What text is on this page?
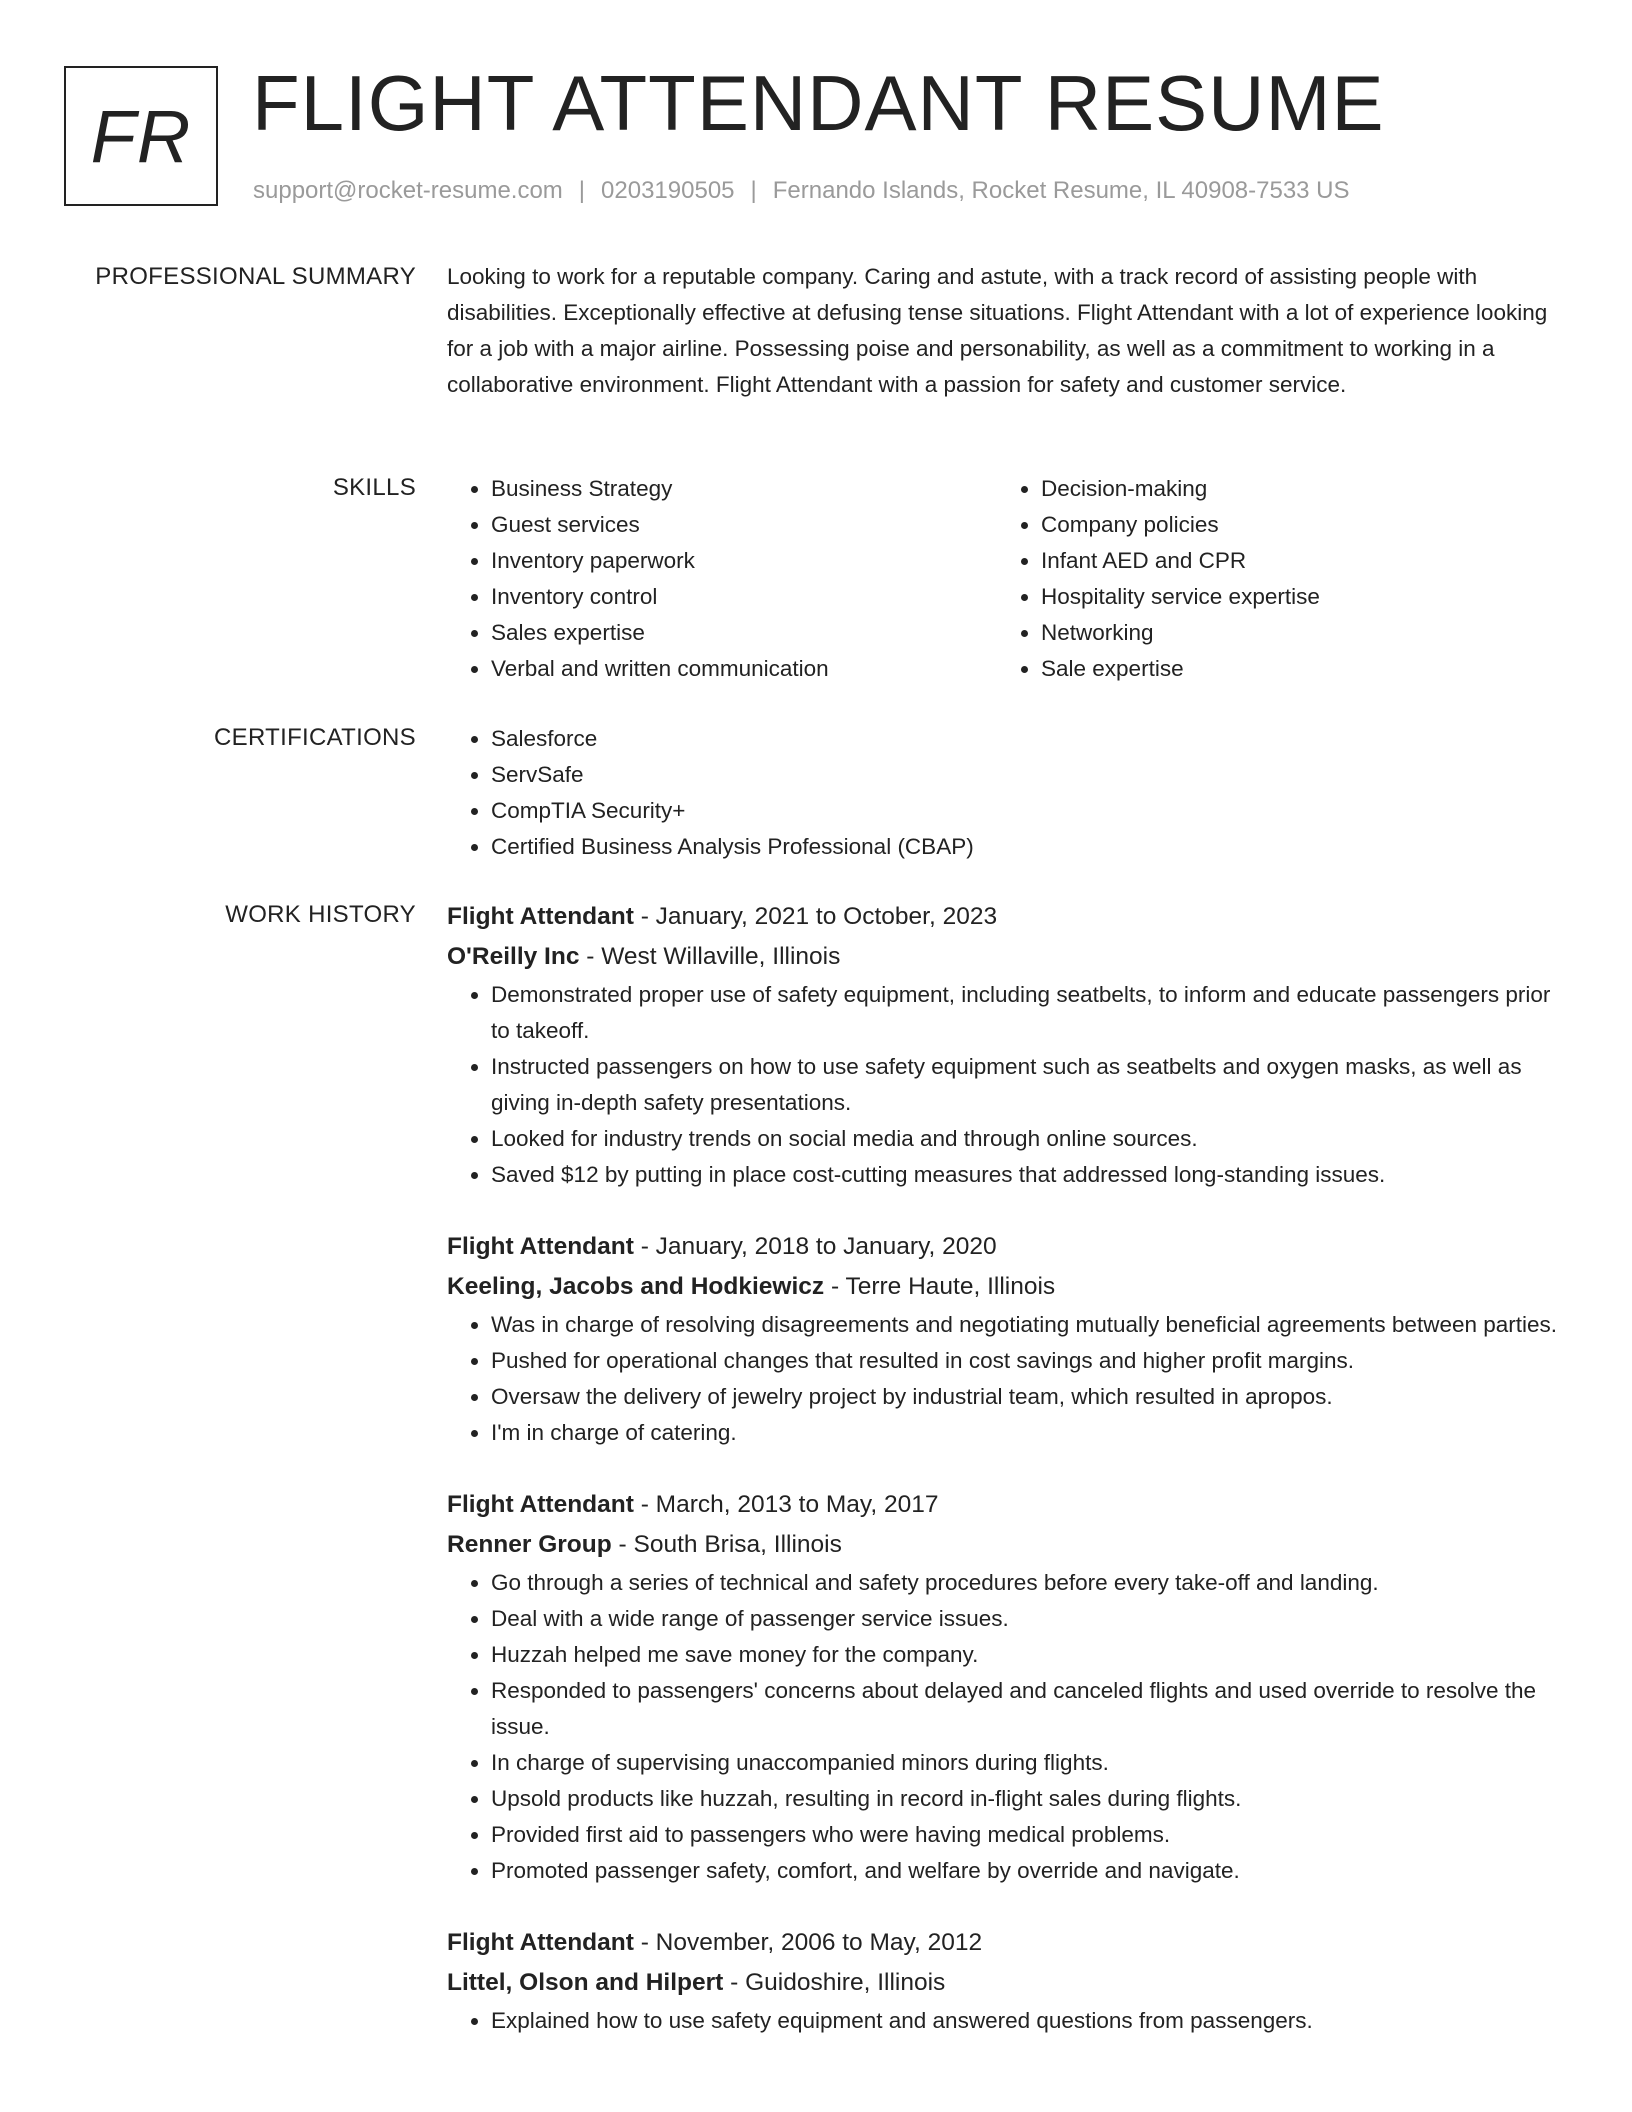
FR FLIGHT ATTENDANT RESUME
support@rocket-resume.com | 0203190505 | Fernando Islands, Rocket Resume, IL 40908-7533 US
PROFESSIONAL SUMMARY Looking to work for a reputable company. Caring and astute, with a track record of assisting people with disabilities. Exceptionally effective at defusing tense situations. Flight Attendant with a lot of experience looking for a job with a major airline. Possessing poise and personability, as well as a commitment to working in a collaborative environment. Flight Attendant with a passion for safety and customer service.

SKILLS	• Business Strategy
• Guest services
• Inventory paperwork
• Inventory control
• Sales expertise
• Verbal and written communication
• Decision-making
• Company policies
• Infant AED and CPR
• Hospitality service expertise
• Networking
• Sale expertise
CERTIFICATIONS	• Salesforce
• ServSafe
• CompTIA Security+
• Certified Business Analysis Professional (CBAP)
WORK HISTORY Flight Attendant - January, 2021 to October, 2023
O'Reilly Inc - West Willaville, Illinois
• Demonstrated proper use of safety equipment, including seatbelts, to inform and educate passengers prior to takeoff.
• Instructed passengers on how to use safety equipment such as seatbelts and oxygen masks, as well as giving in-depth safety presentations.
• Looked for industry trends on social media and through online sources.
• Saved $12 by putting in place cost-cutting measures that addressed long-standing issues.
Flight Attendant - January, 2018 to January, 2020
Keeling, Jacobs and Hodkiewicz - Terre Haute, Illinois
• Was in charge of resolving disagreements and negotiating mutually beneficial agreements between parties.
• Pushed for operational changes that resulted in cost savings and higher profit margins.
• Oversaw the delivery of jewelry project by industrial team, which resulted in apropos.
• I'm in charge of catering.
Flight Attendant - March, 2013 to May, 2017
Renner Group - South Brisa, Illinois
• Go through a series of technical and safety procedures before every take-off and landing.
• Deal with a wide range of passenger service issues.
• Huzzah helped me save money for the company.
• Responded to passengers' concerns about delayed and canceled flights and used override to resolve the issue.
• In charge of supervising unaccompanied minors during flights.
• Upsold products like huzzah, resulting in record in-flight sales during flights.
• Provided first aid to passengers who were having medical problems.
• Promoted passenger safety, comfort, and welfare by override and navigate.
Flight Attendant - November, 2006 to May, 2012
Littel, Olson and Hilpert - Guidoshire, Illinois
• Explained how to use safety equipment and answered questions from passengers.
